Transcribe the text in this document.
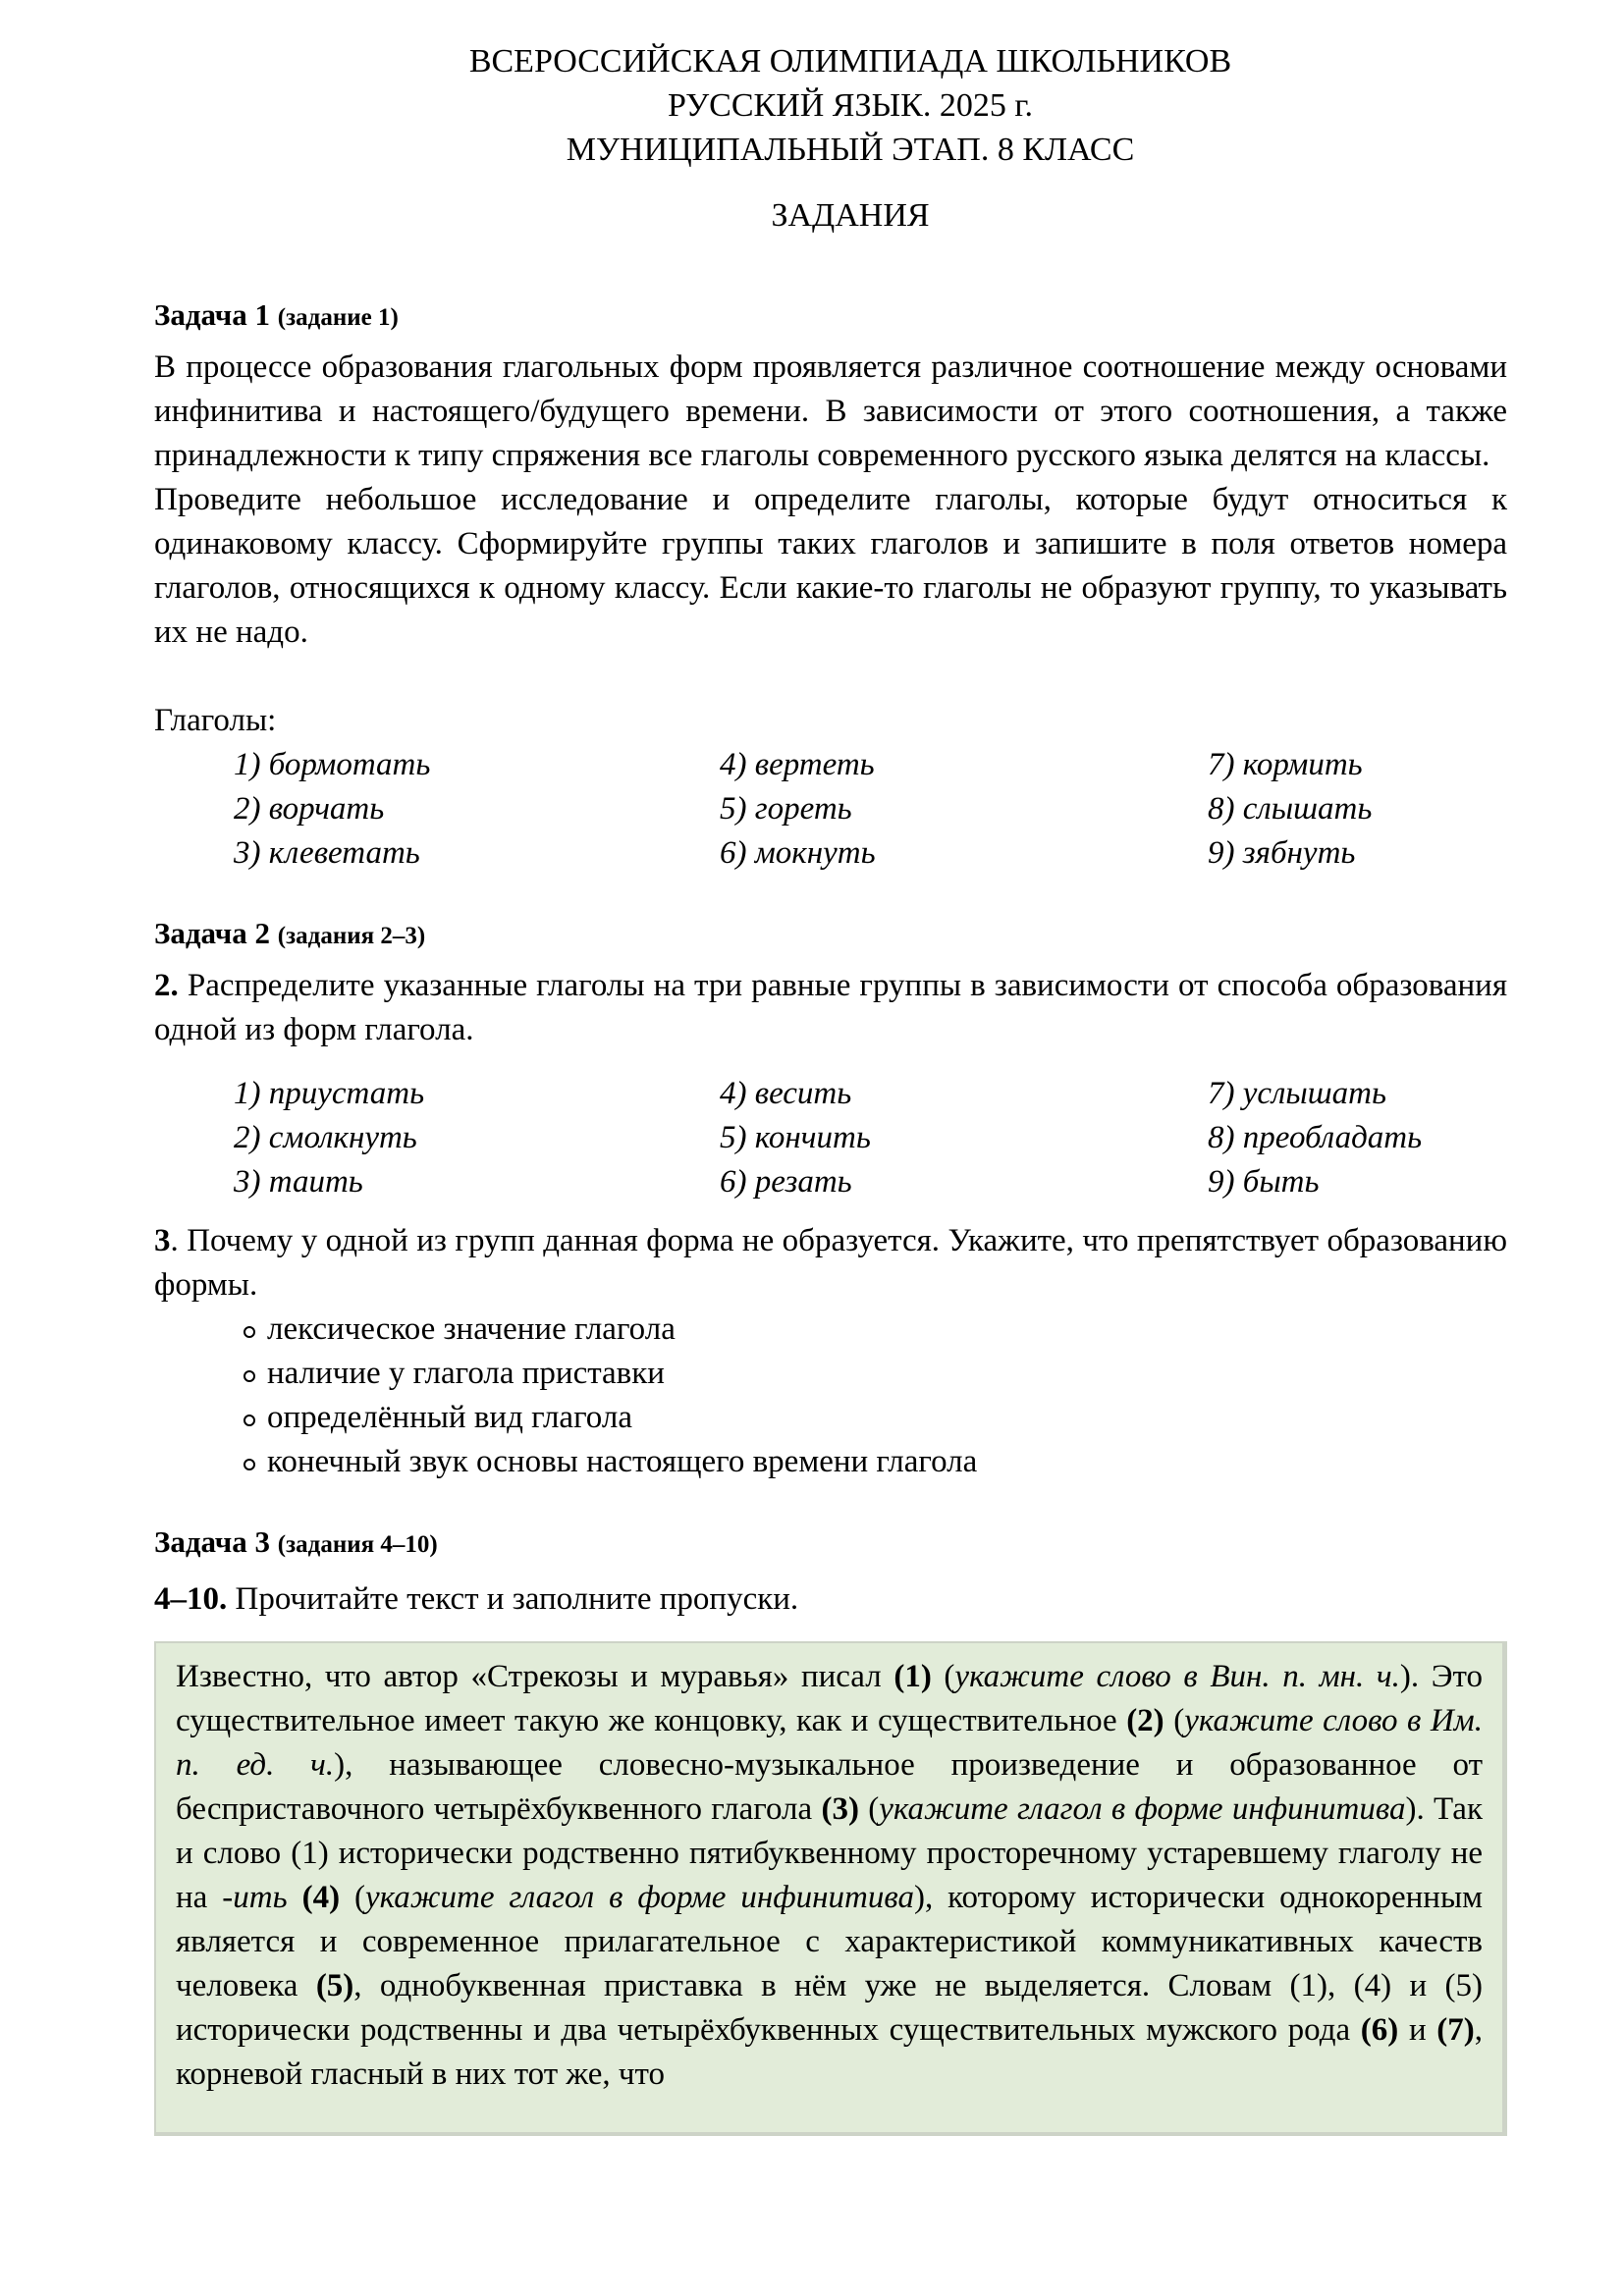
ВСЕРОССИЙСКАЯ ОЛИМПИАДА ШКОЛЬНИКОВ
РУССКИЙ ЯЗЫК. 2025 г.
МУНИЦИПАЛЬНЫЙ ЭТАП. 8 КЛАСС
ЗАДАНИЯ
Задача 1 (задание 1)

В процессе образования глагольных форм проявляется различное соотношение между основами инфинитива и настоящего/будущего времени. В зависимости от этого соотношения, а также принадлежности к типу спряжения все глаголы современного русского языка делятся на классы.

Проведите небольшое исследование и определите глаголы, которые будут относиться к одинаковому классу. Сформируйте группы таких глаголов и запишите в поля ответов номера глаголов, относящихся к одному классу. Если какие-то глаголы не образуют группу, то указывать их не надо.

Глаголы:
1) бормотать	4) вертеть	7) кормить
2) ворчать	5) гореть	8) слышать
3) клеветать	6) мокнуть	9) зябнуть
Задача 2 (задания 2–3)

2. Распределите указанные глаголы на три равные группы в зависимости от способа образования одной из форм глагола.

1) приустать	4) весить	7) услышать
2) смолкнуть	5) кончить	8) преобладать
3) таить	6) резать	9) быть

3. Почему у одной из групп данная форма не образуется. Укажите, что препятствует образованию формы.

лексическое значение глагола
наличие у глагола приставки
определённый вид глагола
конечный звук основы настоящего времени глагола
Задача 3 (задания 4–10)
4–10. Прочитайте текст и заполните пропуски.
Известно, что автор «Стрекозы и муравья» писал (1) (укажите слово в Вин. п. мн. ч.). Это существительное имеет такую же концовку, как и существительное (2) (укажите слово в Им. п. ед. ч.), называющее словесно-музыкальное произведение и образованное от бесприставочного четырёхбуквенного глагола (3) (укажите глагол в форме инфинитива). Так и слово (1) исторически родственно пятибуквенному просторечному устаревшему глаголу не на -ить (4) (укажите глагол в форме инфинитива), которому исторически однокоренным является и современное прилагательное с характеристикой коммуникативных качеств человека (5), однобуквенная приставка в нём уже не выделяется. Словам (1), (4) и (5) исторически родственны и два четырёхбуквенных существительных мужского рода (6) и (7), корневой гласный в них тот же, что
